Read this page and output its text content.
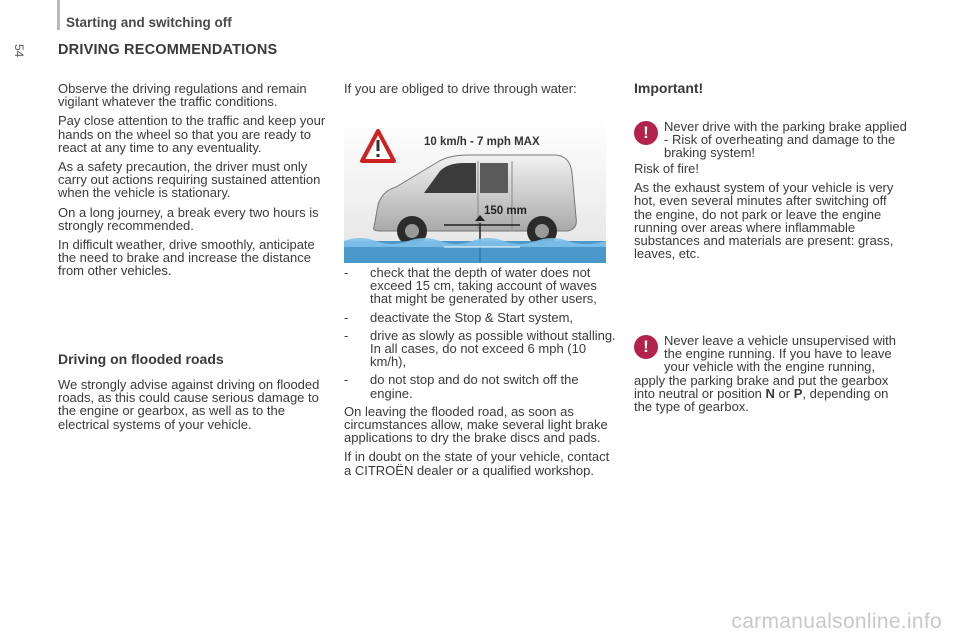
Starting and switching off
54 DRIVING RECOMMENDATIONS

Observe the driving regulations and remain vigilant whatever the traffic conditions.

Pay close attention to the traffic and keep your hands on the wheel so that you are ready to react at any time to any eventuality.

As a safety precaution, the driver must only carry out actions requiring sustained attention when the vehicle is stationary.

On a long journey, a break every two hours is strongly recommended.

In difficult weather, drive smoothly, anticipate the need to brake and increase the distance from other vehicles.

Driving on flooded roads
We strongly advise against driving on flooded roads, as this could cause serious damage to the engine or gearbox, as well as to the electrical systems of your vehicle.
If you are obliged to drive through water:
10 km/h - 7 mph MAX
150 mm
-	check that the depth of water does not exceed 15 cm, taking account of waves that might be generated by other users,
-	deactivate the Stop & Start system,
-	drive as slowly as possible without stalling. In all cases, do not exceed 6 mph (10 km/h),
-	do not stop and do not switch off the engine.

On leaving the flooded road, as soon as circumstances allow, make several light brake applications to dry the brake discs and pads.

If in doubt on the state of your vehicle, contact a CITROËN dealer or a qualified workshop.

Important!
!	Never drive with the parking brake applied - Risk of overheating and damage to the braking system!

Risk of fire!

As the exhaust system of your vehicle is very hot, even several minutes after switching off the engine, do not park or leave the engine running over areas where inflammable substances and materials are present: grass, leaves, etc.

!	Never leave a vehicle unsupervised with the engine running. If you have to leave your vehicle with the engine running, apply the parking brake and put the gearbox into neutral or position N or P, depending on the type of gearbox.
carmanualsonline.info
